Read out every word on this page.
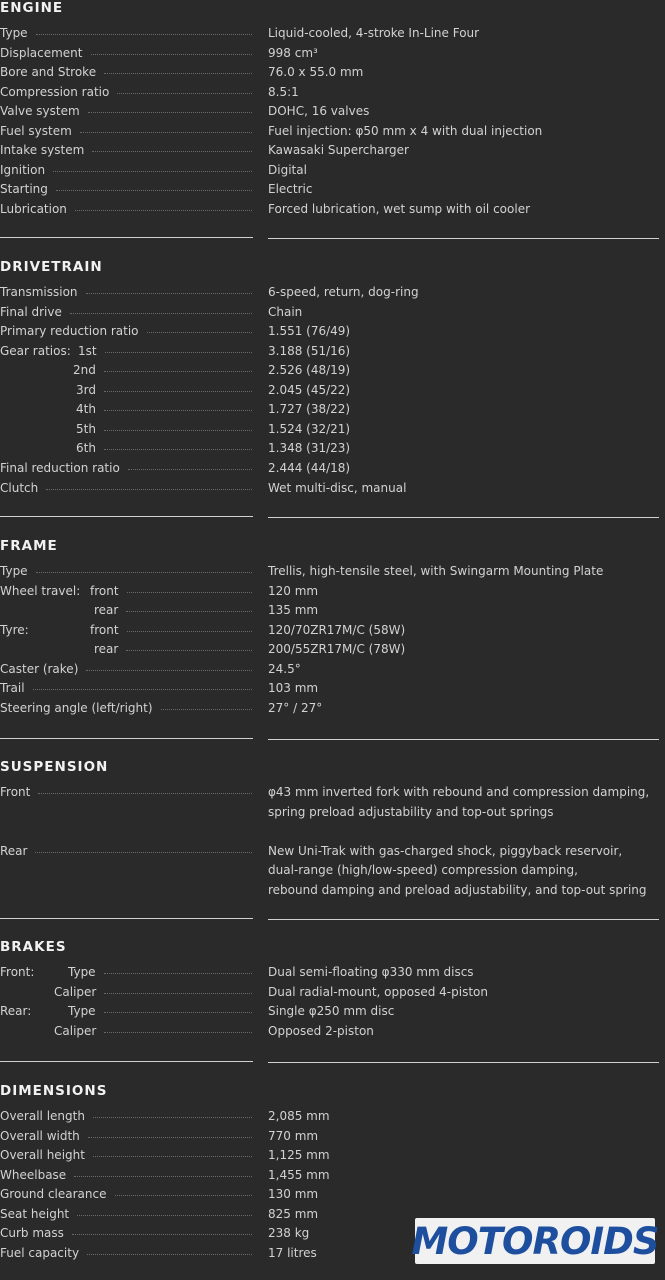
ENGINE
Type	Liquid-cooled, 4-stroke In-Line Four
Displacement	998 cm³
Bore and Stroke	76.0 x 55.0 mm
Compression ratio	8.5:1
Valve system	DOHC, 16 valves
Fuel system	Fuel injection: φ50 mm x 4 with dual injection
Intake system	Kawasaki Supercharger
Ignition	Digital
Starting	Electric
Lubrication	Forced lubrication, wet sump with oil cooler
DRIVETRAIN
Transmission	6-speed, return, dog-ring
Final drive	Chain
Primary reduction ratio	1.551 (76/49)
Gear ratios: 1st	3.188 (51/16)
2nd	2.526 (48/19)
3rd	2.045 (45/22)
4th	1.727 (38/22)
5th	1.524 (32/21)
6th	1.348 (31/23)
Final reduction ratio	2.444 (44/18)
Clutch	Wet multi-disc, manual
FRAME
Type	Trellis, high-tensile steel, with Swingarm Mounting Plate
Wheel travel: front	120 mm
rear	135 mm
Tyre:	front	120/70ZR17M/C (58W)
rear	200/55ZR17M/C (78W)
Caster (rake)	24.5°
Trail	103 mm
Steering angle (left/right)	27° / 27°
SUSPENSION
Front	φ43 mm inverted fork with rebound and compression damping,
spring preload adjustability and top-out springs
Rear	New Uni-Trak with gas-charged shock, piggyback reservoir,
dual-range (high/low-speed) compression damping,
rebound damping and preload adjustability, and top-out spring
BRAKES
Front:	Type	Dual semi-floating φ330 mm discs
Caliper	Dual radial-mount, opposed 4-piston
Rear:	Type	Single φ250 mm disc
Caliper	Opposed 2-piston
DIMENSIONS
Overall length	2,085 mm
Overall width	770 mm
Overall height	1,125 mm
Wheelbase	1,455 mm
Ground clearance	130 mm
Seat height	825 mm
Curb mass	238 kg
Fuel capacity	17 litres	MOTOROIDS
